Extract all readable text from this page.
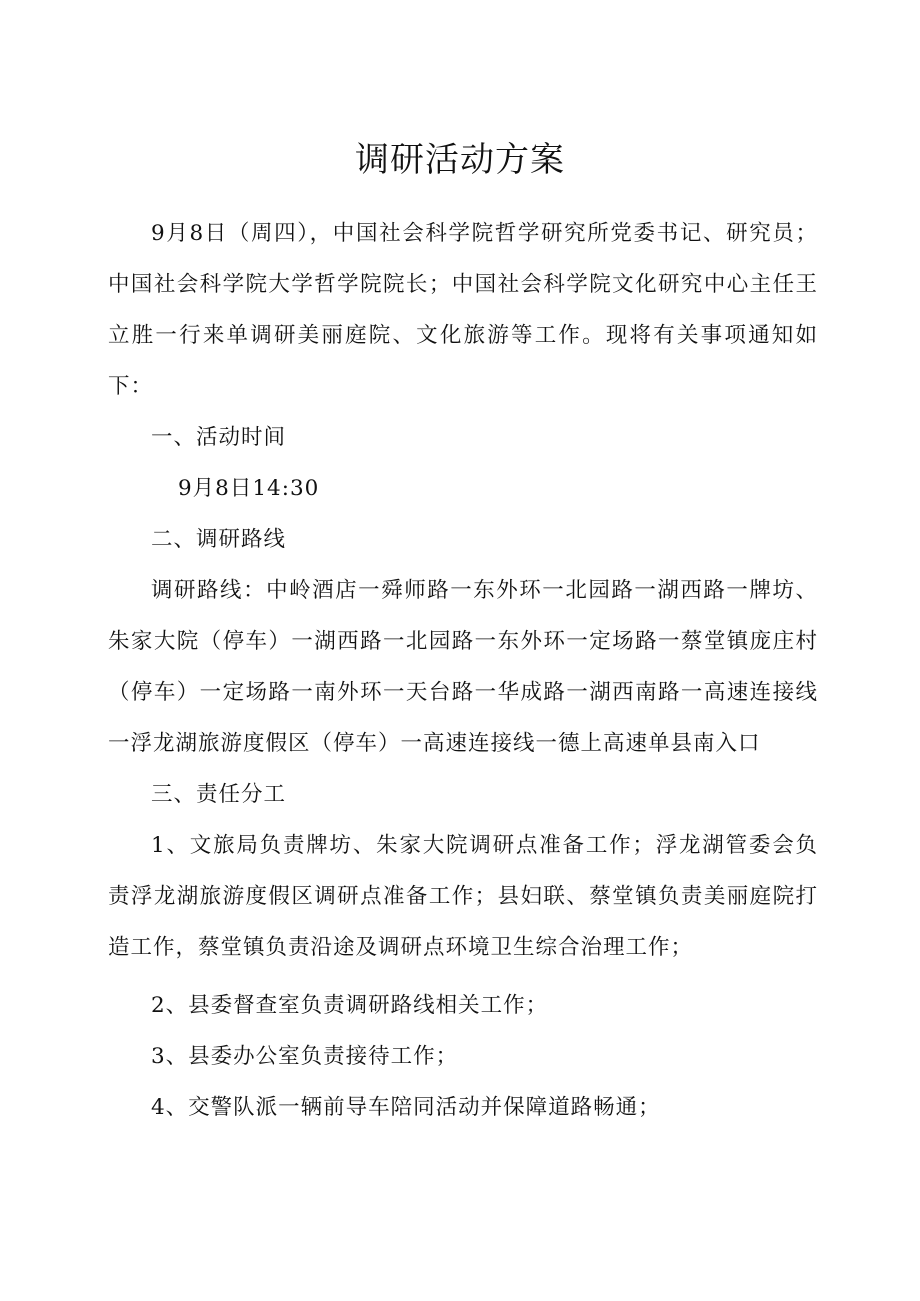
调研活动方案

9月8日（周四），中国社会科学院哲学研究所党委书记、研究员；中国社会科学院大学哲学院院长；中国社会科学院文化研究中心主任王立胜一行来单调研美丽庭院、文化旅游等工作。现将有关事项通知如下：

一、活动时间

9月8日14:30

二、调研路线

调研路线：中岭酒店一舜师路一东外环一北园路一湖西路一牌坊、朱家大院（停车）一湖西路一北园路一东外环一定场路一蔡堂镇庞庄村（停车）一定场路一南外环一天台路一华成路一湖西南路一高速连接线一浮龙湖旅游度假区（停车）一高速连接线一德上高速单县南入口

三、责任分工

1、文旅局负责牌坊、朱家大院调研点准备工作；浮龙湖管委会负责浮龙湖旅游度假区调研点准备工作；县妇联、蔡堂镇负责美丽庭院打造工作，蔡堂镇负责沿途及调研点环境卫生综合治理工作；

2、县委督查室负责调研路线相关工作；

3、县委办公室负责接待工作；

4、交警队派一辆前导车陪同活动并保障道路畅通；
